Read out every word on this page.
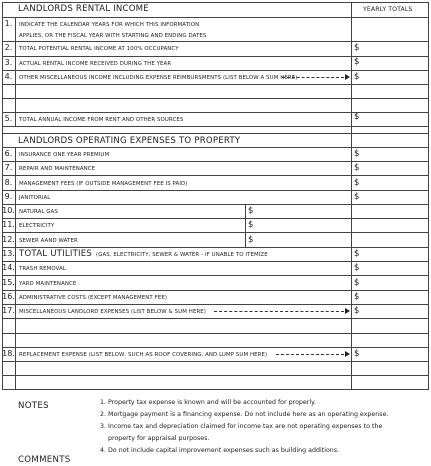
LANDLORDS RENTAL INCOME	YEARLY TOTALS
1.	INDICATE THE CALENDAR YEARS FOR WHICH THIS INFORMATION
APPLIES, OR THE FISCAL YEAR WITH STARTING AND ENDING DATES
2.	TOTAL POTENTIAL RENTAL INCOME AT 100% OCCUPANCY	$
3.	ACTUAL RENTAL INCOME RECEIVED DURING THE YEAR	$
4.	OTHER MISCELLANEOUS INCOME INCLUDING EXPENSE REIMBURSMENTS (LIST BELOW A SUM HERE)	$
5.	TOTAL ANNUAL INCOME FROM RENT AND OTHER SOURCES	$
LANDLORDS OPERATING EXPENSES TO PROPERTY
6.	INSURANCE ONE YEAR PREMIUM	$
7.	REPAIR AND MAINTENANCE	$
8.	MANAGEMENT FEES (IF OUTSIDE MANAGEMENT FEE IS PAID)	$
9.	JANITORIAL	$
10. NATURAL GAS	$
11. ELECTRICITY	$
12. SEWER AAND WATER	$
13. TOTAL UTILITIES (GAS, ELECTRICITY, SEWER & WATER - IF UNABLE TO ITEMIZE	$
14. TRASH REMOVAL	$
15. YARD MAINTENANCE	$
16. ADMINISTRATIVE COSTS (EXCEPT MANAGEMENT FEE)	$
17. MISCELLANEOUS LANDLORD EXPENSES (LIST BELOW & SUM HERE)	$
18. REPLACEMENT EXPENSE (LIST BELOW, SUCH AS ROOF COVERING, AND LUMP SUM HERE)	$
NOTES	1. Property tax expense is known and will be accounted for properly.
2. Mortgage payment is a financing expense. Do not include here as an operating expense.
3. Income tax and depreciation claimed for income tax are not operating expenses to the
property for appraisal purposes.
4. Do not include capital improvement expenses such as building additions.
COMMENTS
